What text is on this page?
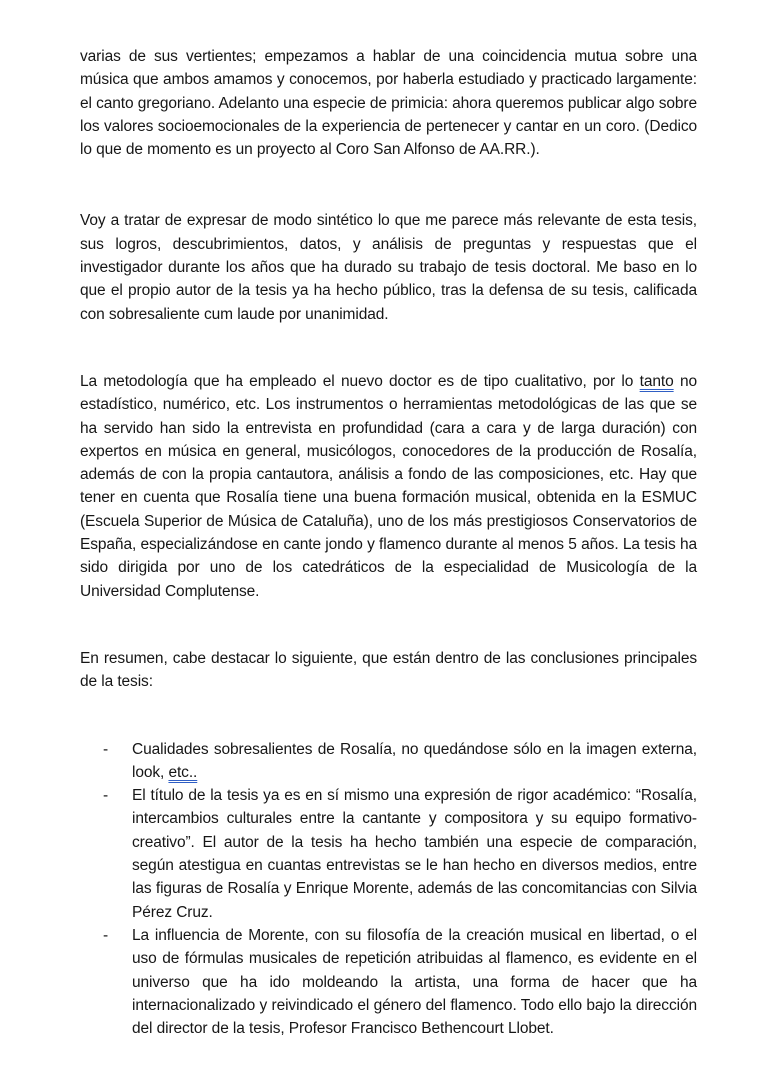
varias de sus vertientes; empezamos a hablar de una coincidencia mutua sobre una música que ambos amamos y conocemos, por haberla estudiado y practicado largamente: el canto gregoriano. Adelanto una especie de primicia: ahora queremos publicar algo sobre los valores socioemocionales de la experiencia de pertenecer y cantar en un coro. (Dedico lo que de momento es un proyecto al Coro San Alfonso de AA.RR.).

Voy a tratar de expresar de modo sintético lo que me parece más relevante de esta tesis, sus logros, descubrimientos, datos, y análisis de preguntas y respuestas que el investigador durante los años que ha durado su trabajo de tesis doctoral. Me baso en lo que el propio autor de la tesis ya ha hecho público, tras la defensa de su tesis, calificada con sobresaliente cum laude por unanimidad.

La metodología que ha empleado el nuevo doctor es de tipo cualitativo, por lo tanto no estadístico, numérico, etc. Los instrumentos o herramientas metodológicas de las que se ha servido han sido la entrevista en profundidad (cara a cara y de larga duración) con expertos en música en general, musicólogos, conocedores de la producción de Rosalía, además de con la propia cantautora, análisis a fondo de las composiciones, etc. Hay que tener en cuenta que Rosalía tiene una buena formación musical, obtenida en la ESMUC (Escuela Superior de Música de Cataluña), uno de los más prestigiosos Conservatorios de España, especializándose en cante jondo y flamenco durante al menos 5 años. La tesis ha sido dirigida por uno de los catedráticos de la especialidad de Musicología de la Universidad Complutense.

En resumen, cabe destacar lo siguiente, que están dentro de las conclusiones principales de la tesis:

- Cualidades sobresalientes de Rosalía, no quedándose sólo en la imagen externa, look, etc..
- El título de la tesis ya es en sí mismo una expresión de rigor académico: “Rosalía, intercambios culturales entre la cantante y compositora y su equipo formativo-creativo”. El autor de la tesis ha hecho también una especie de comparación, según atestigua en cuantas entrevistas se le han hecho en diversos medios, entre las figuras de Rosalía y Enrique Morente, además de las concomitancias con Silvia Pérez Cruz.
- La influencia de Morente, con su filosofía de la creación musical en libertad, o el uso de fórmulas musicales de repetición atribuidas al flamenco, es evidente en el universo que ha ido moldeando la artista, una forma de hacer que ha internacionalizado y reivindicado el género del flamenco. Todo ello bajo la dirección del director de la tesis, Profesor Francisco Bethencourt Llobet.
